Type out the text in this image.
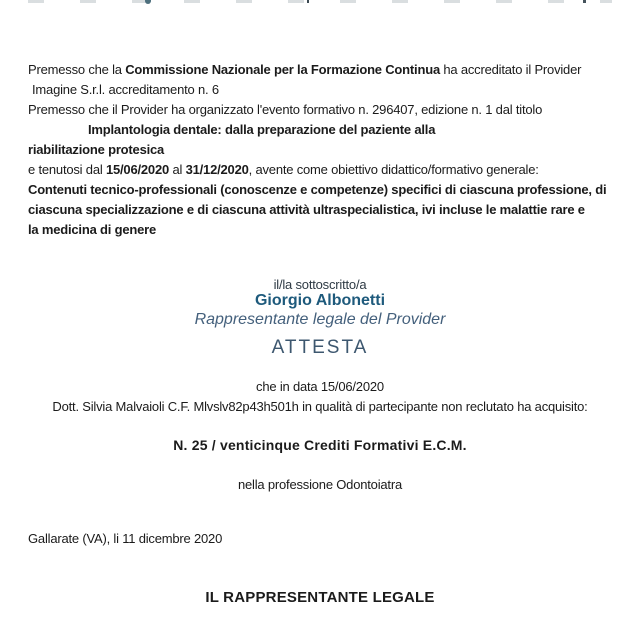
Premesso che la Commissione Nazionale per la Formazione Continua ha accreditato il Provider
Imagine S.r.l. accreditamento n. 6
Premesso che il Provider ha organizzato l'evento formativo n. 296407, edizione n. 1 dal titolo
Implantologia dentale: dalla preparazione del paziente alla
riabilitazione protesica
e tenutosi dal 15/06/2020 al 31/12/2020, avente come obiettivo didattico/formativo generale:
Contenuti tecnico-professionali (conoscenze e competenze) specifici di ciascuna professione, di
ciascuna specializzazione e di ciascuna attività ultraspecialistica, ivi incluse le malattie rare e
la medicina di genere
il/la sottoscritto/a
Giorgio Albonetti
Rappresentante legale del Provider
ATTESTA
che in data 15/06/2020
Dott. Silvia Malvaioli C.F. Mlvslv82p43h501h in qualità di partecipante non reclutato ha acquisito:
N. 25 / venticinque Crediti Formativi E.C.M.
nella professione Odontoiatra
Gallarate (VA), li 11 dicembre 2020
IL RAPPRESENTANTE LEGALE
